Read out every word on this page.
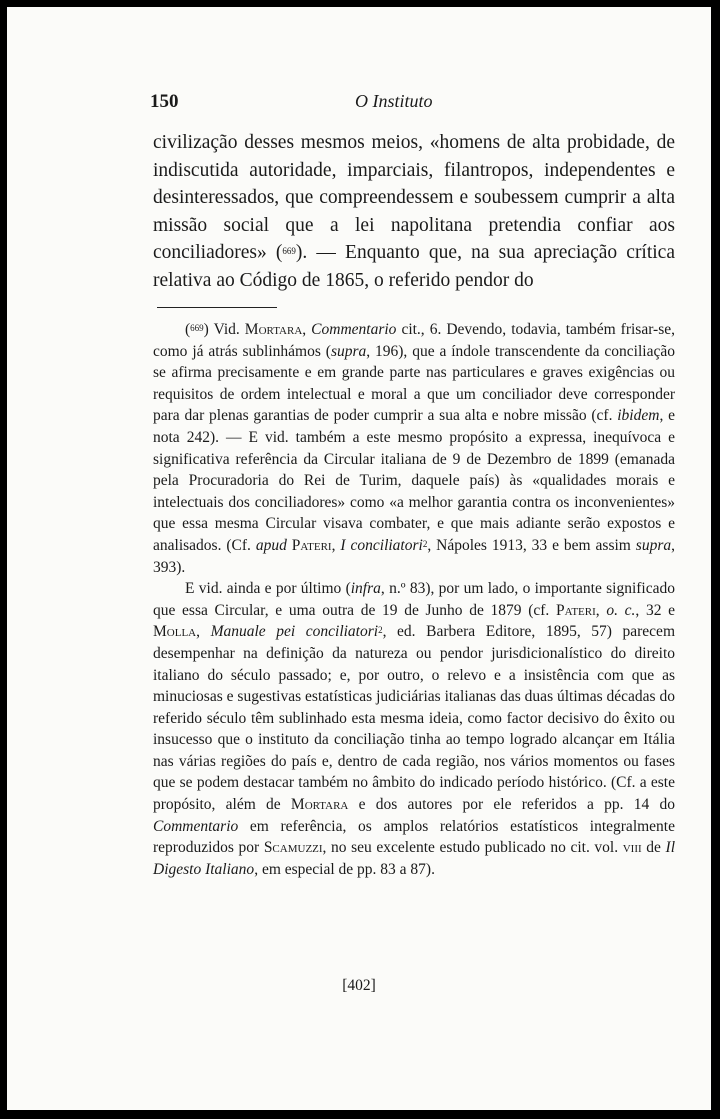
150	O Instituto

civilização desses mesmos meios, «homens de alta probidade, de indiscutida autoridade, imparciais, filantropos, independentes e desinteressados, que compreendessem e soubessem cumprir a alta missão social que a lei napolitana pretendia confiar aos conciliadores» ($^{669}$). — Enquanto que, na sua apreciação crítica relativa ao Código de 1865, o referido pendor do

($^{669}$) Vid. Mortara, Commentario cit., 6. Devendo, todavia, também frisar-se, como já atrás sublinhámos (supra, 196), que a índole transcendente da conciliação se afirma precisamente e em grande parte nas particulares e graves exigências ou requisitos de ordem intelectual e moral a que um conciliador deve corresponder para dar plenas garantias de poder cumprir a sua alta e nobre missão (cf. ibidem, e nota 242). — E vid. também a este mesmo propósito a expressa, inequívoca e significativa referência da Circular italiana de 9 de Dezembro de 1899 (emanada pela Procuradoria do Rei de Turim, daquele país) às «qualidades morais e intelectuais dos conciliadores» como «a melhor garantia contra os inconvenientes» que essa mesma Circular visava combater, e que mais adiante serão expostos e analisados. (Cf. apud Pateri, I conciliatori$^2$, Nápoles 1913, 33 e bem assim supra, 393).

E vid. ainda e por último (infra, n.º 83), por um lado, o importante significado que essa Circular, e uma outra de 19 de Junho de 1879 (cf. Pateri, o. c., 32 e Molla, Manuale pei conciliatori$^2$, ed. Barbera Editore, 1895, 57) parecem desempenhar na definição da natureza ou pendor jurisdicionalístico do direito italiano do século passado; e, por outro, o relevo e a insistência com que as minuciosas e sugestivas estatísticas judiciárias italianas das duas últimas décadas do referido século têm sublinhado esta mesma ideia, como factor decisivo do êxito ou insucesso que o instituto da conciliação tinha ao tempo logrado alcançar em Itália nas várias regiões do país e, dentro de cada região, nos vários momentos ou fases que se podem destacar também no âmbito do indicado período histórico. (Cf. a este propósito, além de Mortara e dos autores por ele referidos a pp. 14 do Commentario em referência, os amplos relatórios estatísticos integralmente reproduzidos por Scamuzzi, no seu excelente estudo publicado no cit. vol. viii de Il Digesto Italiano, em especial de pp. 83 a 87).

[402]
